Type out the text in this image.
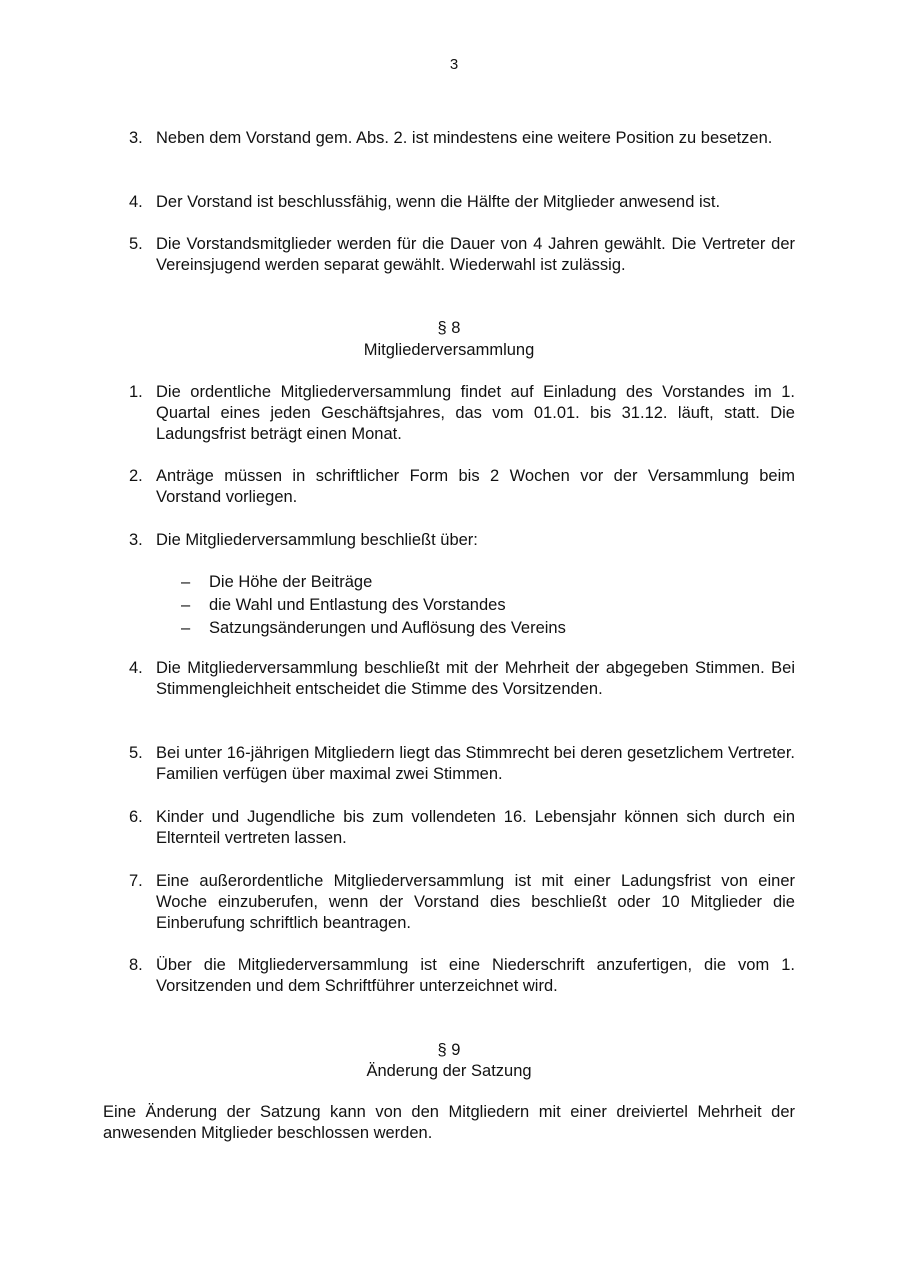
3
3. Neben dem Vorstand gem. Abs. 2. ist mindestens eine weitere Position zu besetzen.
4. Der Vorstand ist beschlussfähig, wenn die Hälfte der Mitglieder anwesend ist.
5. Die Vorstandsmitglieder werden für die Dauer von 4 Jahren gewählt. Die Vertreter der Vereinsjugend werden separat gewählt. Wiederwahl ist zulässig.
§ 8
Mitgliederversammlung
1. Die ordentliche Mitgliederversammlung findet auf Einladung des Vorstandes im 1. Quartal eines jeden Geschäftsjahres, das vom 01.01. bis 31.12. läuft, statt. Die Ladungsfrist beträgt einen Monat.
2. Anträge müssen in schriftlicher Form bis 2 Wochen vor der Versammlung beim Vorstand vorliegen.
3. Die Mitgliederversammlung beschließt über:
– Die Höhe der Beiträge
– die Wahl und Entlastung des Vorstandes
– Satzungsänderungen und Auflösung des Vereins
4. Die Mitgliederversammlung beschließt mit der Mehrheit der abgegeben Stimmen. Bei Stimmengleichheit entscheidet die Stimme des Vorsitzenden.
5. Bei unter 16-jährigen Mitgliedern liegt das Stimmrecht bei deren gesetzlichem Vertreter. Familien verfügen über maximal zwei Stimmen.
6. Kinder und Jugendliche bis zum vollendeten 16. Lebensjahr können sich durch ein Elternteil vertreten lassen.
7. Eine außerordentliche Mitgliederversammlung ist mit einer Ladungsfrist von einer Woche einzuberufen, wenn der Vorstand dies beschließt oder 10 Mitglieder die Einberufung schriftlich beantragen.
8. Über die Mitgliederversammlung ist eine Niederschrift anzufertigen, die vom 1. Vorsitzenden und dem Schriftführer unterzeichnet wird.
§ 9
Änderung der Satzung
Eine Änderung der Satzung kann von den Mitgliedern mit einer dreiviertel Mehrheit der anwesenden Mitglieder beschlossen werden.
